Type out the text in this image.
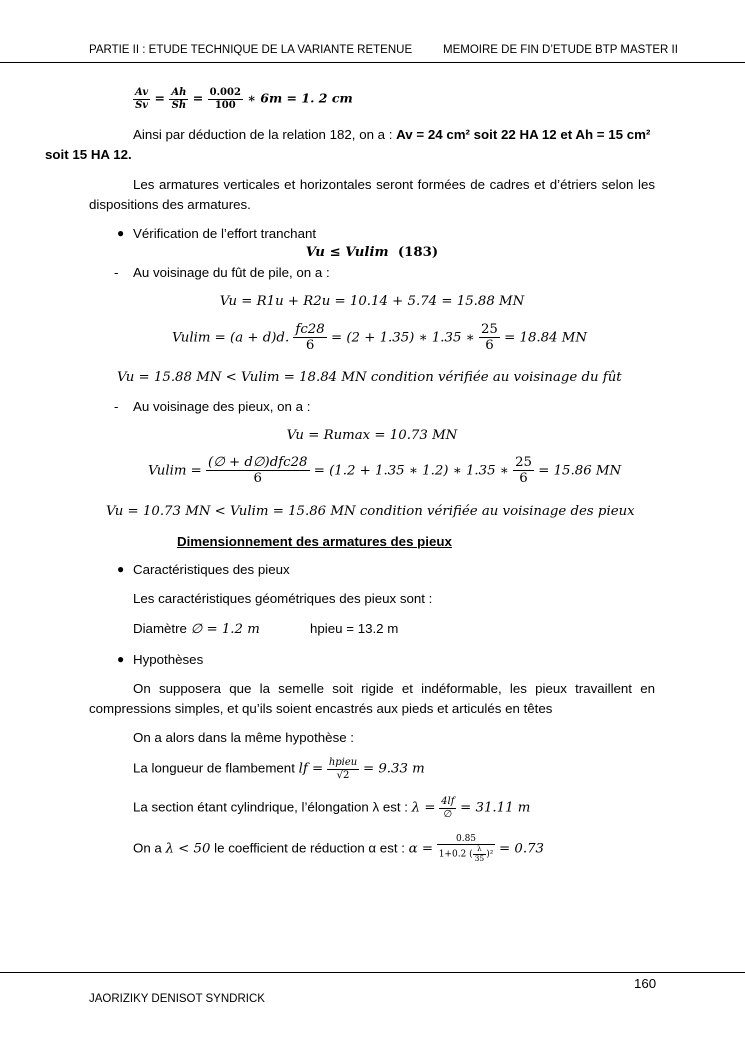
PARTIE II : ETUDE TECHNIQUE DE LA VARIANTE RETENUE	MEMOIRE DE FIN D’ETUDE BTP MASTER II
$\frac{Av}{Sv} = \frac{Ah}{Sh} = \frac{0.002}{100}$ ∗ 6m = 1. 2 cm
Ainsi par déduction de la relation 182, on a : Av = 24 cm² soit 22 HA 12 et Ah = 15 cm²
soit 15 HA 12.
Les armatures verticales et horizontales seront formées de cadres et d’étriers selon les dispositions des armatures.
● Vérification de l’effort tranchant
Vu ≤ Vulim (183)
- Au voisinage du fût de pile, on a :
Vu = R1u + R2u = 10.14 + 5.74 = 15.88 MN
Vulim = (a + d)d. $\frac{fc28}{6} = (2 + 1.35)$ ∗ 1.35 ∗ $\frac{25}{6} = 18.84$ MN
Vu = 15.88 MN < Vulim = 18.84 MN condition vérifiée au voisinage du fût
- Au voisinage des pieux, on a :
Vu = Rumax = 10.73 MN
$Vulim = \frac{\text{(∅ + d∅)dfc28}}{6} = (1.2 + 1.35$ ∗ 1.2) ∗ 1.35 ∗ $\frac{25}{6} = 15.86$ MN
Vu = 10.73 MN < Vulim = 15.86 MN condition vérifiée au voisinage des pieux
Dimensionnement des armatures des pieux
● Caractéristiques des pieux
Les caractéristiques géométriques des pieux sont :
Diamètre ∅ = 1.2 m	hpieu = 13.2 m
● Hypothèses
On supposera que la semelle soit rigide et indéformable, les pieux travaillent en compressions simples, et qu’ils soient encastrés aux pieds et articulés en têtes
On a alors dans la même hypothèse :
La longueur de flambement lf = $\frac{\text{hpieu}}{√2} = 9.33$ m
La section étant cylindrique, l’élongation λ est : $\lambda = \frac{4lf}{\emptyset} = 31.11$ m
On a λ < 50 le coefficient de réduction α est : $\alpha = \frac{0.85}{1+0.2 ( \frac{\lambda}{35} )^2} = 0.73$
160
JAORIZIKY DENISOT SYNDRICK
